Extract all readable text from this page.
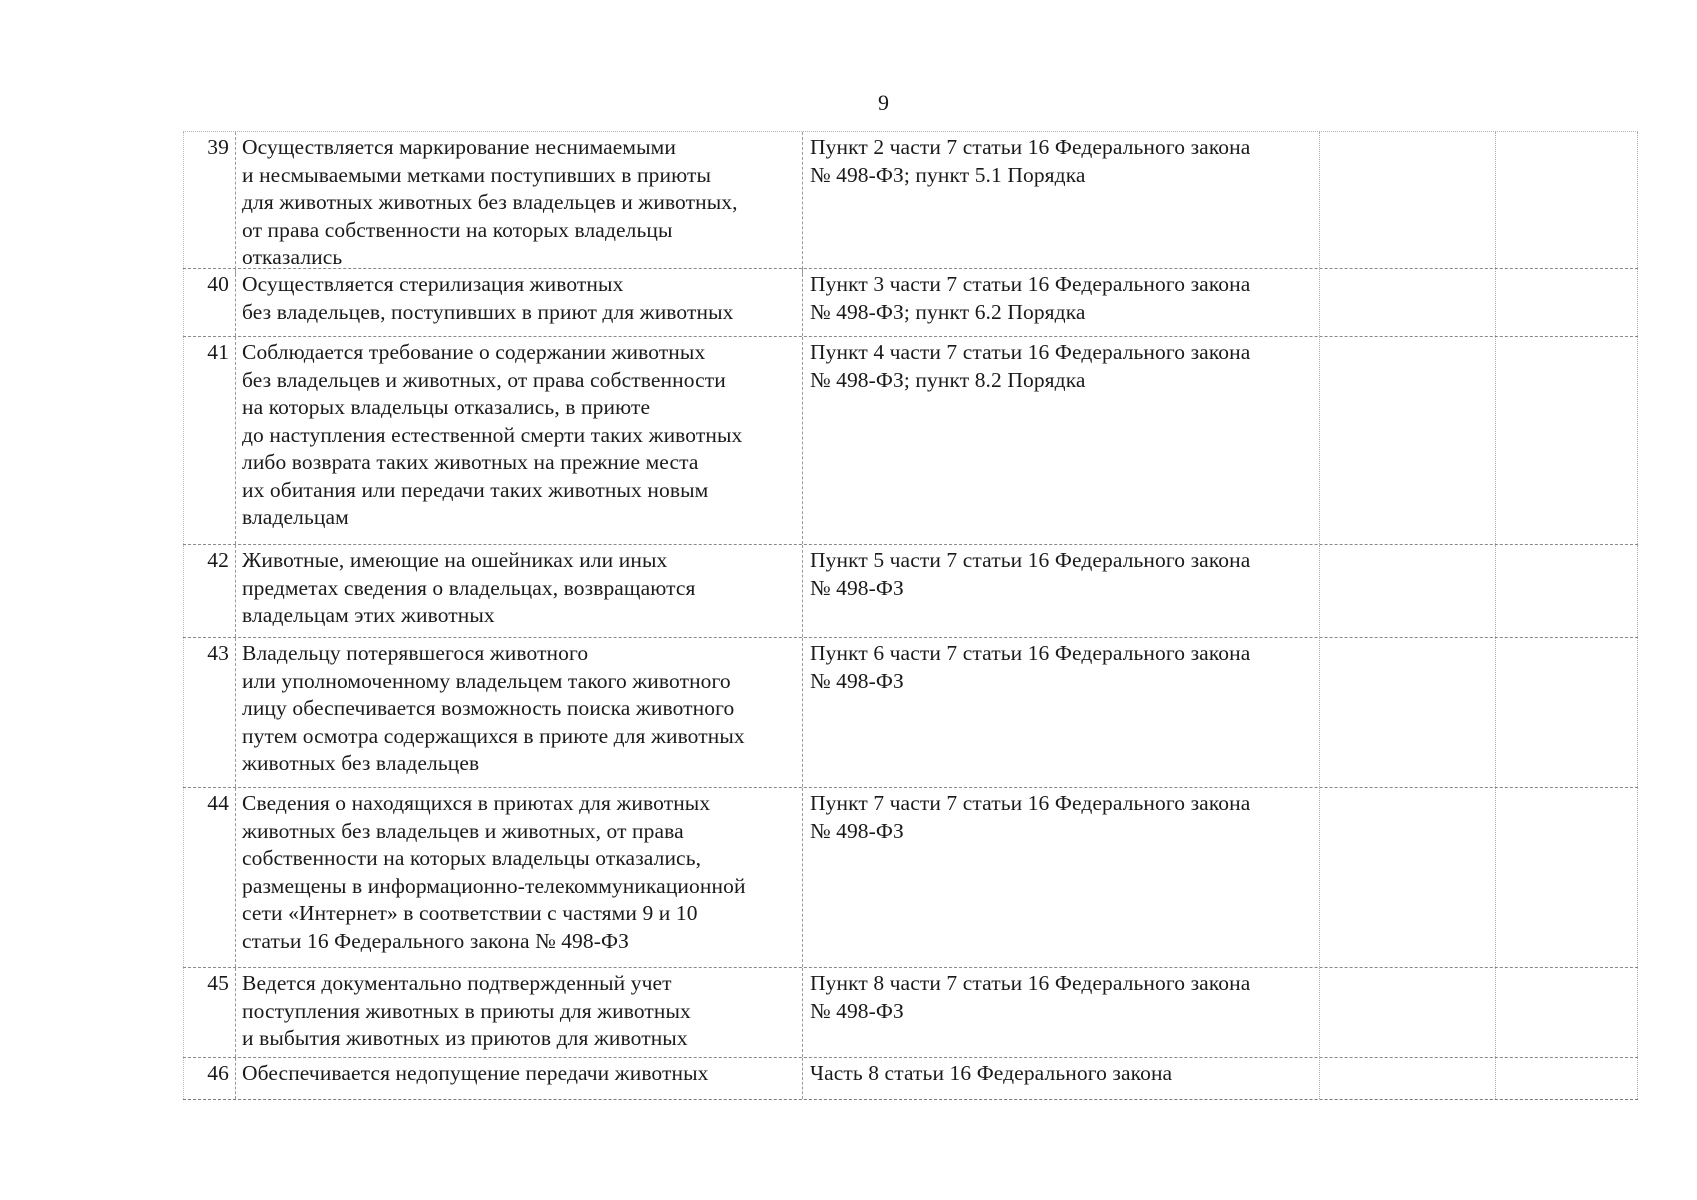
9
39 Осуществляется маркирование неснимаемыми
и несмываемыми метками поступивших в приюты
для животных животных без владельцев и животных,
от права собственности на которых владельцы
отказались
Пункт 2 части 7 статьи 16 Федерального закона
№ 498-ФЗ; пункт 5.1 Порядка
40 Осуществляется стерилизация животных
без владельцев, поступивших в приют для животных
Пункт 3 части 7 статьи 16 Федерального закона
№ 498-ФЗ; пункт 6.2 Порядка
41 Соблюдается требование о содержании животных
без владельцев и животных, от права собственности
на которых владельцы отказались, в приюте
до наступления естественной смерти таких животных
либо возврата таких животных на прежние места
их обитания или передачи таких животных новым
владельцам
Пункт 4 части 7 статьи 16 Федерального закона
№ 498-ФЗ; пункт 8.2 Порядка
42 Животные, имеющие на ошейниках или иных
предметах сведения о владельцах, возвращаются
владельцам этих животных
Пункт 5 части 7 статьи 16 Федерального закона
№ 498-ФЗ
43 Владельцу потерявшегося животного
или уполномоченному владельцем такого животного
лицу обеспечивается возможность поиска животного
путем осмотра содержащихся в приюте для животных
животных без владельцев
Пункт 6 части 7 статьи 16 Федерального закона
№ 498-ФЗ
44 Сведения о находящихся в приютах для животных
животных без владельцев и животных, от права
собственности на которых владельцы отказались,
размещены в информационно-телекоммуникационной
сети «Интернет» в соответствии с частями 9 и 10
статьи 16 Федерального закона № 498-ФЗ
Пункт 7 части 7 статьи 16 Федерального закона
№ 498-ФЗ
45 Ведется документально подтвержденный учет
поступления животных в приюты для животных
и выбытия животных из приютов для животных
Пункт 8 части 7 статьи 16 Федерального закона
№ 498-ФЗ
46 Обеспечивается недопущение передачи животных	Часть 8 статьи 16 Федерального закона
